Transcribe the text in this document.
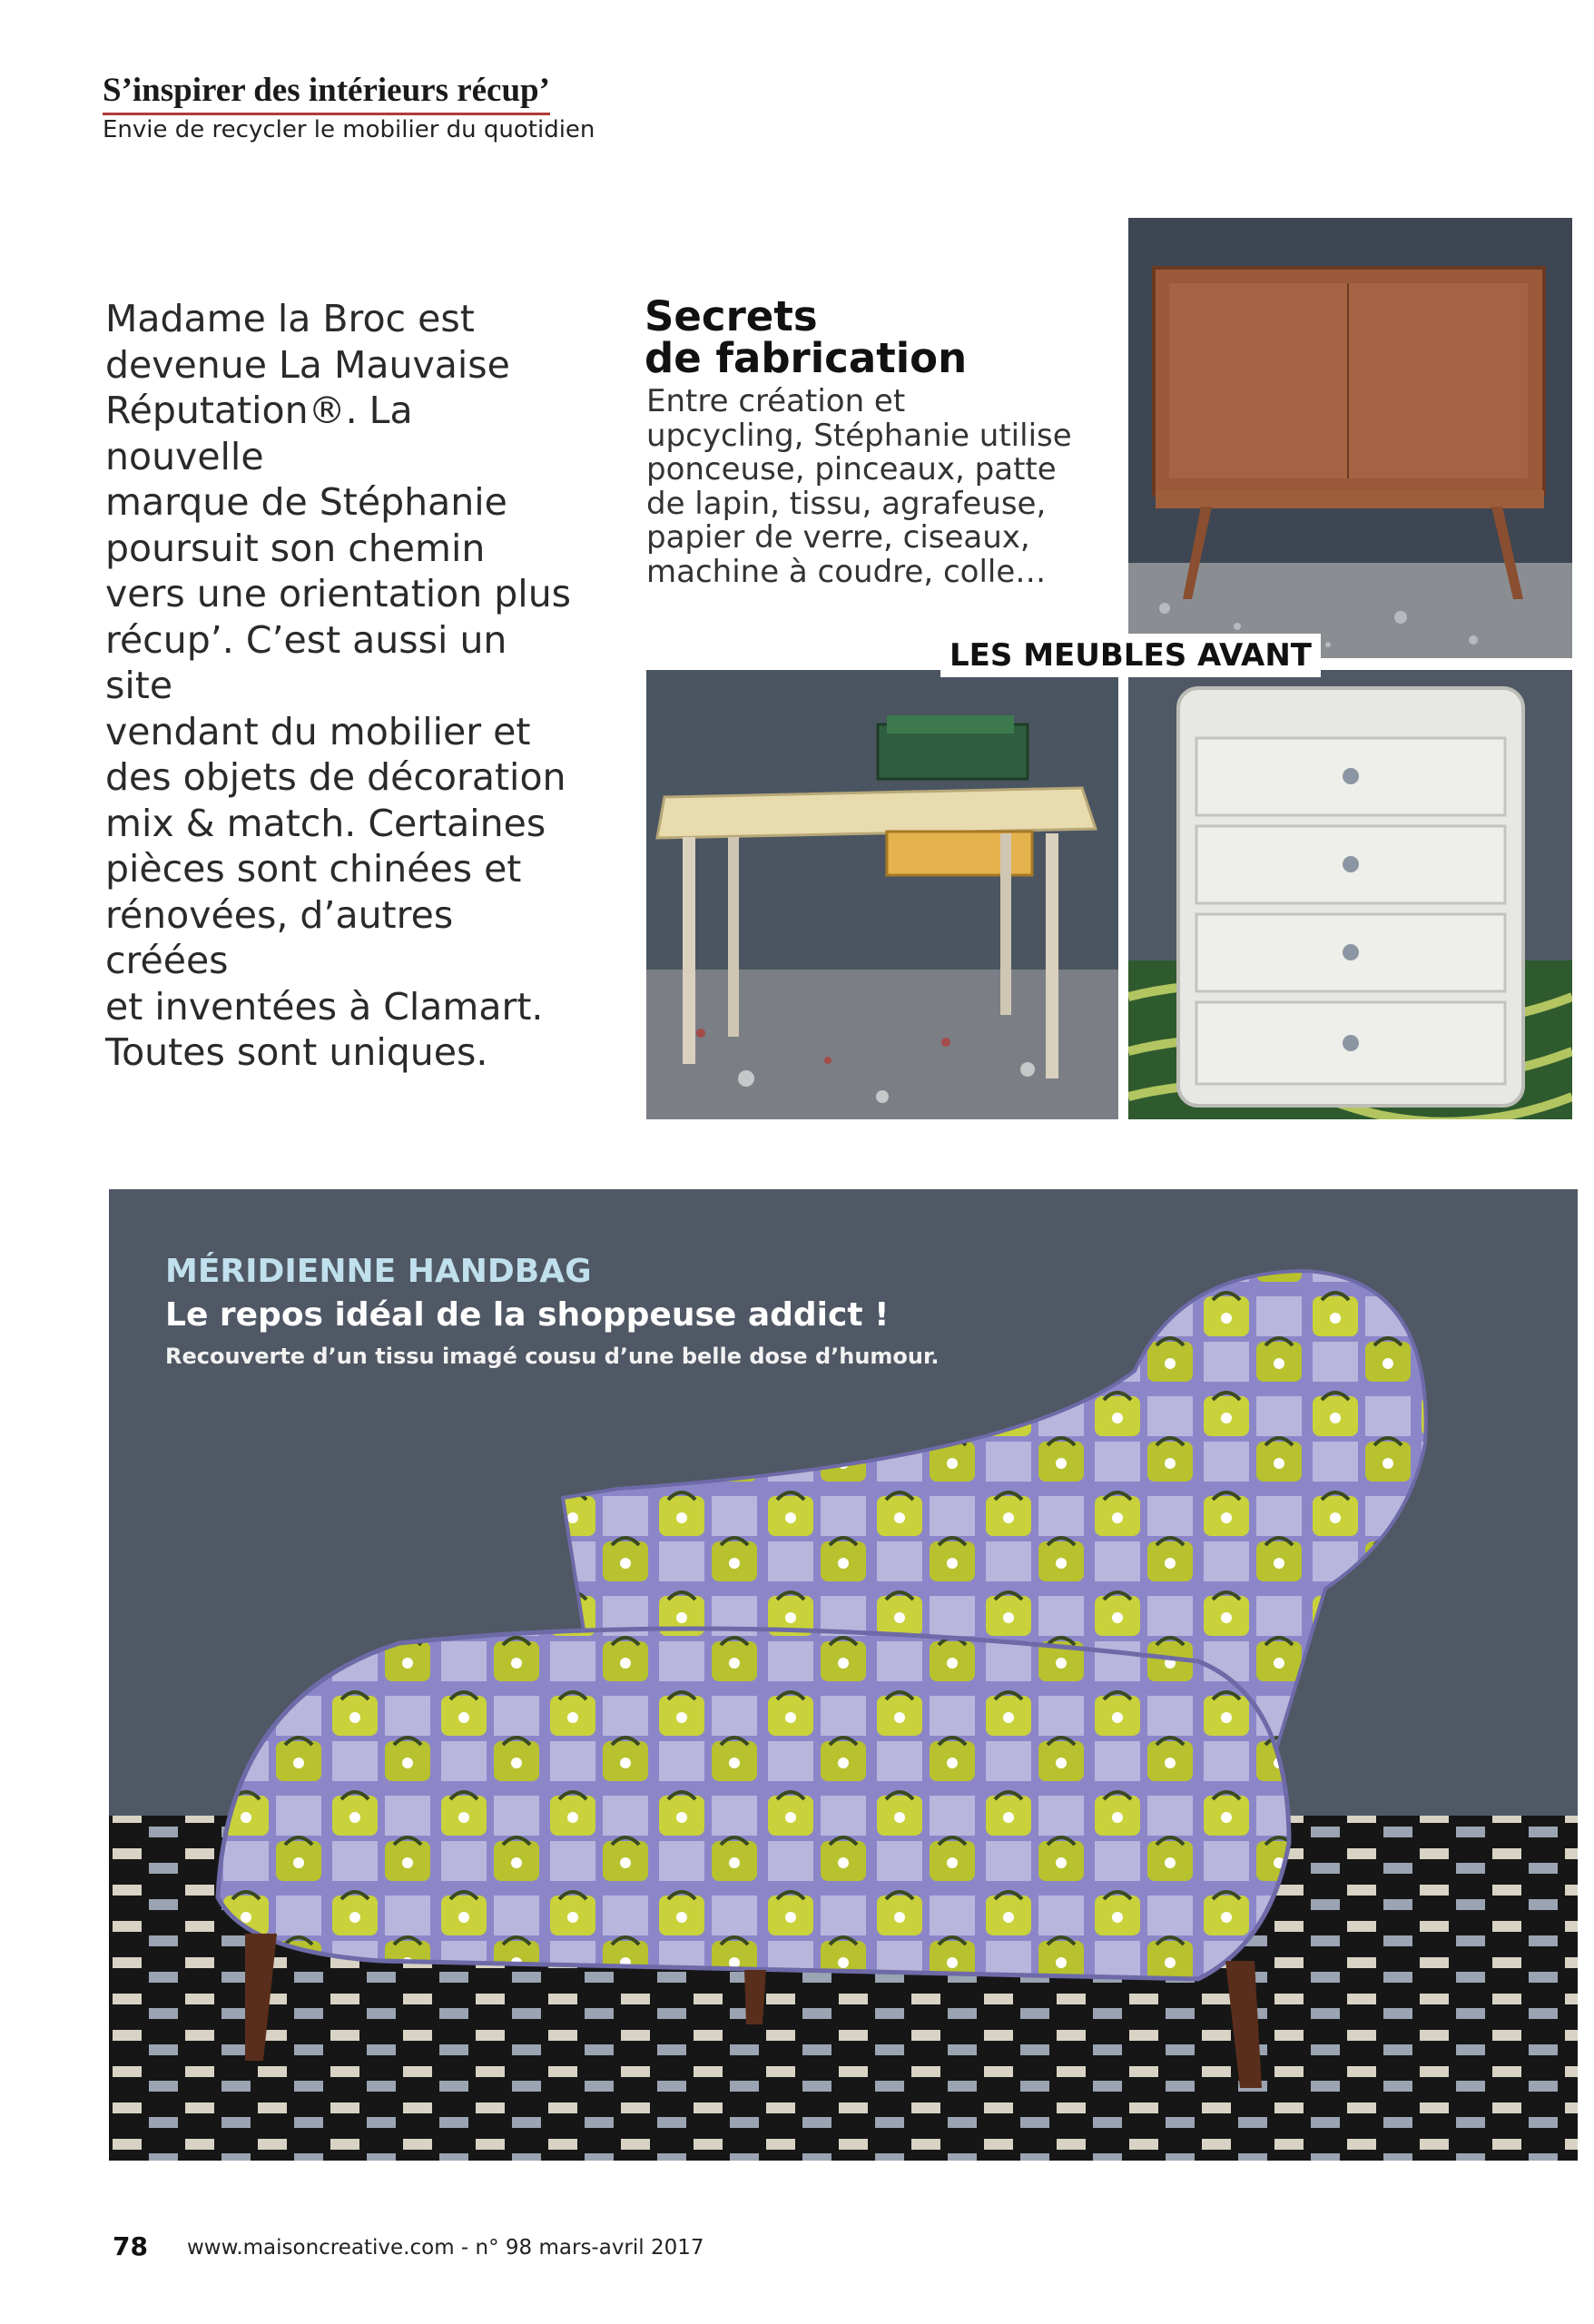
S’inspirer des intérieurs récup’
Envie de recycler le mobilier du quotidien
Madame la Broc est
devenue La Mauvaise
Réputation®. La nouvelle
marque de Stéphanie
poursuit son chemin
vers une orientation plus
récup’. C’est aussi un site
vendant du mobilier et
des objets de décoration
mix & match. Certaines
pièces sont chinées et
rénovées, d’autres créées
et inventées à Clamart.
Toutes sont uniques.
Secrets
de fabrication
Entre création et
upcycling, Stéphanie utilise
ponceuse, pinceaux, patte
de lapin, tissu, agrafeuse,
papier de verre, ciseaux,
machine à coudre, colle…
LES MEUBLES AVANT
MÉRIDIENNE HANDBAG
Le repos idéal de la shoppeuse addict !
Recouverte d’un tissu imagé cousu d’une belle dose d’humour.
78 www.maisoncreative.com - n° 98 mars-avril 2017
